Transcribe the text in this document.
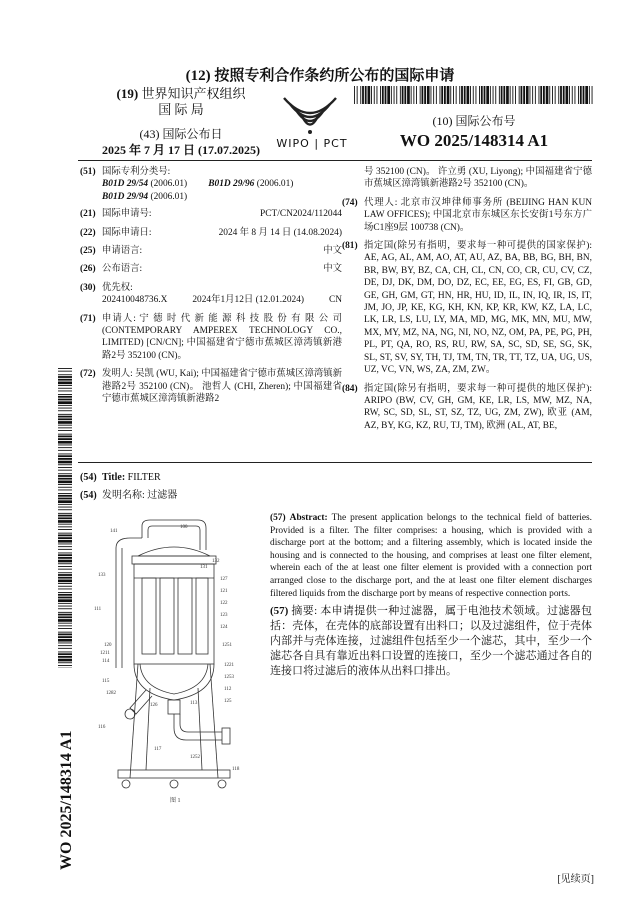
(12) 按照专利合作条约所公布的国际申请
(19) 世界知识产权组织
国 际 局
(43) 国际公布日
2025 年 7 月 17 日 (17.07.2025)	WIPO | PCT
(10) 国际公布号
WO 2025/148314 A1
(51) 国际专利分类号:
B01D 29/54 (2006.01) B01D 29/96 (2006.01)
B01D 29/94 (2006.01)
(21) 国际申请号:	PCT/CN2024/112044
(22) 国际申请日:	2024 年 8 月 14 日 (14.08.2024)
(25) 申请语言:	中文
(26) 公布语言:	中文
(30) 优先权:
202410048736.X	2024年1月12日 (12.01.2024)	CN
(71) 申请人: 宁 德 时 代 新 能 源 科 技 股 份 有 限 公 司 (CONTEMPORARY AMPEREX TECHNOLOGY CO., LIMITED) [CN/CN]; 中国福建省宁德市蕉城区漳湾镇新港路2号 352100 (CN)。
(72) 发明人: 吴凯 (WU, Kai); 中国福建省宁德市蕉城区漳湾镇新港路2号 352100 (CN)。 池哲人 (CHI, Zheren); 中国福建省宁德市蕉城区漳湾镇新港路2
号 352100 (CN)。 许立勇 (XU, Liyong); 中国福建省宁德市蕉城区漳湾镇新港路2号 352100 (CN)。
(74) 代理人: 北京市汉坤律师事务所 (BEIJING HAN KUN LAW OFFICES); 中国北京市东城区东长安街1号东方广场C1座9层 100738 (CN)。
(81) 指定国(除另有指明，要求每一种可提供的国家保护): AE, AG, AL, AM, AO, AT, AU, AZ, BA, BB, BG, BH, BN, BR, BW, BY, BZ, CA, CH, CL, CN, CO, CR, CU, CV, CZ, DE, DJ, DK, DM, DO, DZ, EC, EE, EG, ES, FI, GB, GD, GE, GH, GM, GT, HN, HR, HU, ID, IL, IN, IQ, IR, IS, IT, JM, JO, JP, KE, KG, KH, KN, KP, KR, KW, KZ, LA, LC, LK, LR, LS, LU, LY, MA, MD, MG, MK, MN, MU, MW, MX, MY, MZ, NA, NG, NI, NO, NZ, OM, PA, PE, PG, PH, PL, PT, QA, RO, RS, RU, RW, SA, SC, SD, SE, SG, SK, SL, ST, SV, SY, TH, TJ, TM, TN, TR, TT, TZ, UA, UG, US, UZ, VC, VN, WS, ZA, ZM, ZW。
(84) 指定国(除另有指明，要求每一种可提供的地区保护): ARIPO (BW, CV, GH, GM, KE, LR, LS, MW, MZ, NA, RW, SC, SD, SL, ST, SZ, TZ, UG, ZM, ZW), 欧亚 (AM, AZ, BY, KG, KZ, RU, TJ, TM), 欧洲 (AL, AT, BE,
(54) Title: FILTER
(54) 发明名称: 过滤器
(57) Abstract: The present application belongs to the technical field of batteries. Provided is a filter. The filter comprises: a housing, which is provided with a discharge port at the bottom; and a filtering assembly, which is located inside the housing and is connected to the housing, and comprises at least one filter element, wherein each of the at least one filter element is provided with a connection port arranged close to the discharge port, and the at least one filter element discharges filtered liquids from the discharge port by means of respective connection ports.
(57) 摘要: 本申请提供一种过滤器，属于电池技术领域。过滤器包括：壳体，在壳体的底部设置有出料口；以及过滤组件，位于壳体内部并与壳体连接，过滤组件包括至少一个滤芯，其中，至少一个滤芯各自具有靠近出料口设置的连接口，至少一个滤芯通过各自的连接口将过滤后的液体从出料口排出。
141
133
131
132
127
121
122
123
124
111
120
1211
114
1251
115
1282
126	113
1221
1253
112
125
116
117
1252
118
100
图 1
WO 2025/148314 A1
[见续页]
